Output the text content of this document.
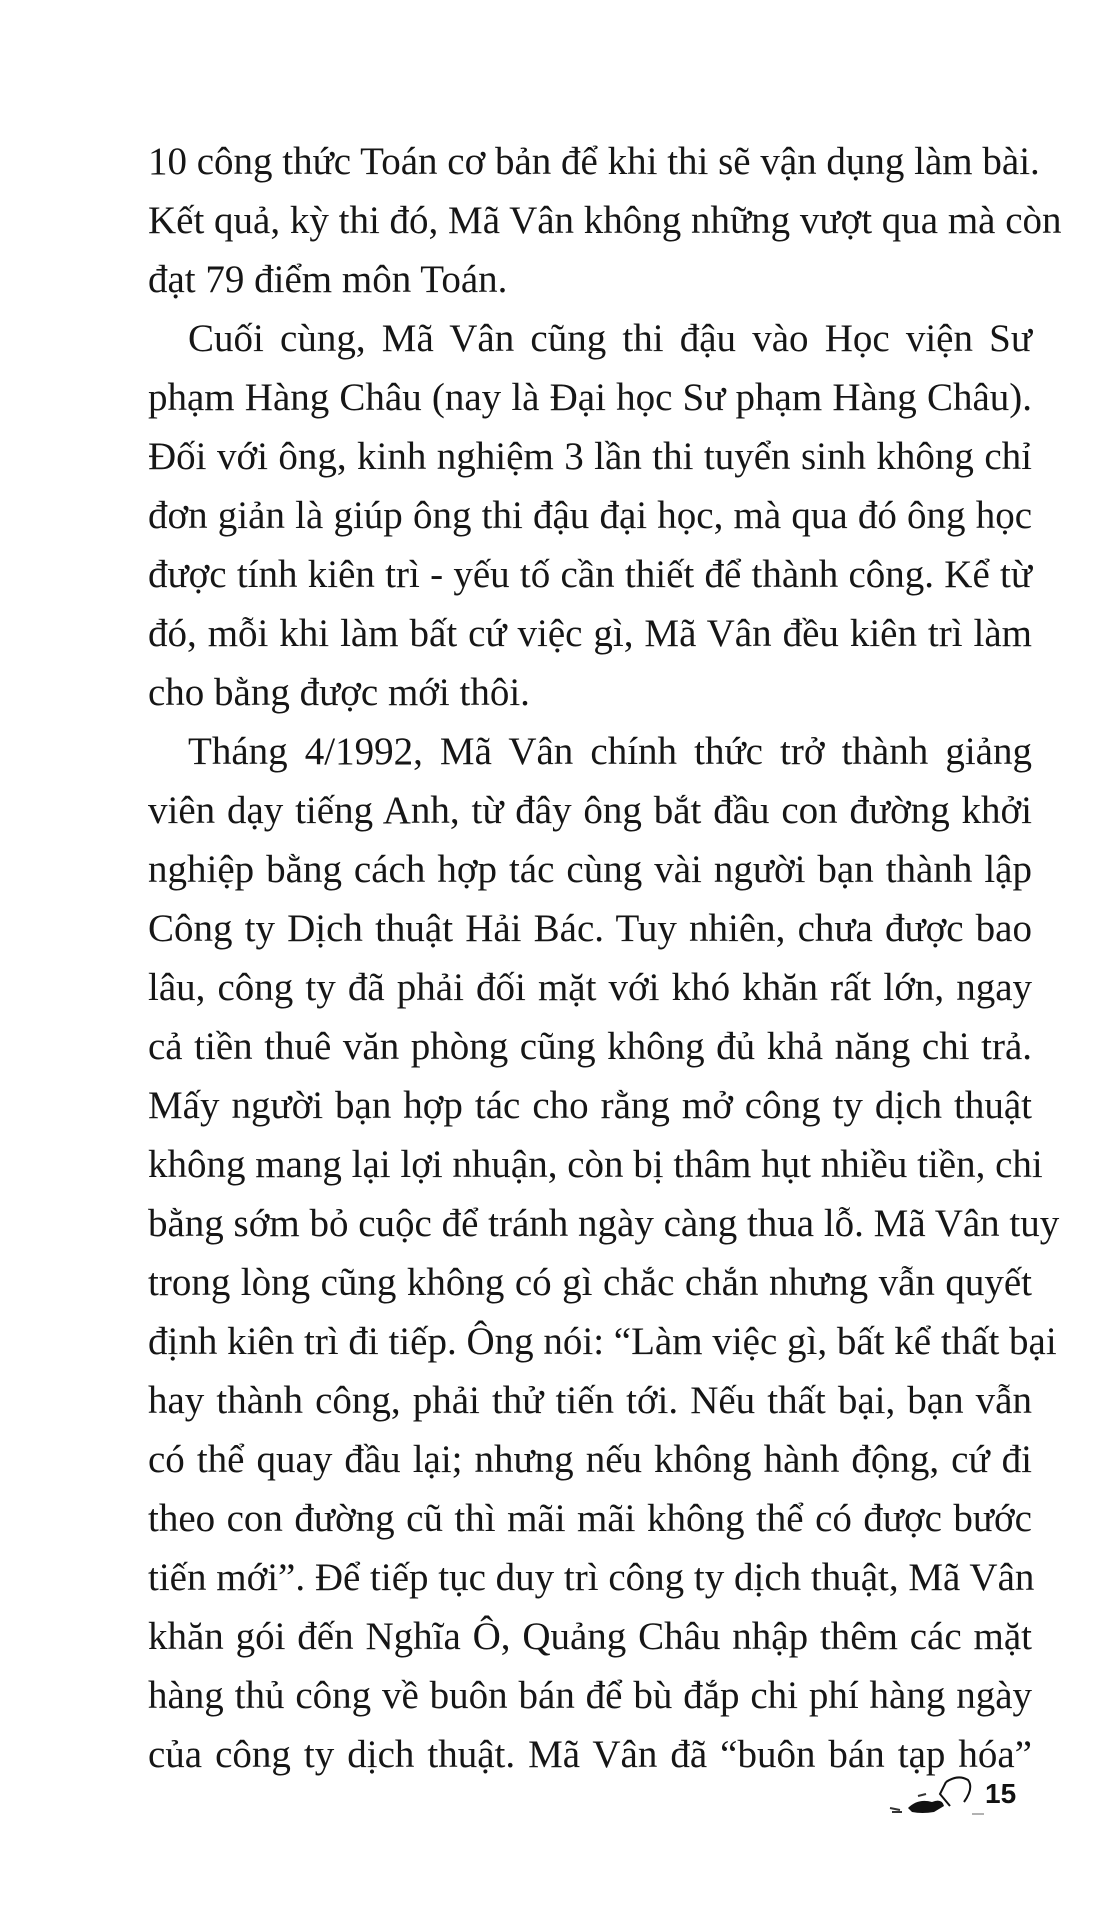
10 công thức Toán cơ bản để khi thi sẽ vận dụng làm bài.
Kết quả, kỳ thi đó, Mã Vân không những vượt qua mà còn
đạt 79 điểm môn Toán.
Cuối cùng, Mã Vân cũng thi đậu vào Học viện Sư
phạm Hàng Châu (nay là Đại học Sư phạm Hàng Châu).
Đối với ông, kinh nghiệm 3 lần thi tuyển sinh không chỉ
đơn giản là giúp ông thi đậu đại học, mà qua đó ông học
được tính kiên trì - yếu tố cần thiết để thành công. Kể từ
đó, mỗi khi làm bất cứ việc gì, Mã Vân đều kiên trì làm
cho bằng được mới thôi.
Tháng 4/1992, Mã Vân chính thức trở thành giảng
viên dạy tiếng Anh, từ đây ông bắt đầu con đường khởi
nghiệp bằng cách hợp tác cùng vài người bạn thành lập
Công ty Dịch thuật Hải Bác. Tuy nhiên, chưa được bao
lâu, công ty đã phải đối mặt với khó khăn rất lớn, ngay
cả tiền thuê văn phòng cũng không đủ khả năng chi trả.
Mấy người bạn hợp tác cho rằng mở công ty dịch thuật
không mang lại lợi nhuận, còn bị thâm hụt nhiều tiền, chi
bằng sớm bỏ cuộc để tránh ngày càng thua lỗ. Mã Vân tuy
trong lòng cũng không có gì chắc chắn nhưng vẫn quyết
định kiên trì đi tiếp. Ông nói: “Làm việc gì, bất kể thất bại
hay thành công, phải thử tiến tới. Nếu thất bại, bạn vẫn
có thể quay đầu lại; nhưng nếu không hành động, cứ đi
theo con đường cũ thì mãi mãi không thể có được bước
tiến mới”. Để tiếp tục duy trì công ty dịch thuật, Mã Vân
khăn gói đến Nghĩa Ô, Quảng Châu nhập thêm các mặt
hàng thủ công về buôn bán để bù đắp chi phí hàng ngày
của công ty dịch thuật. Mã Vân đã “buôn bán tạp hóa”
15
